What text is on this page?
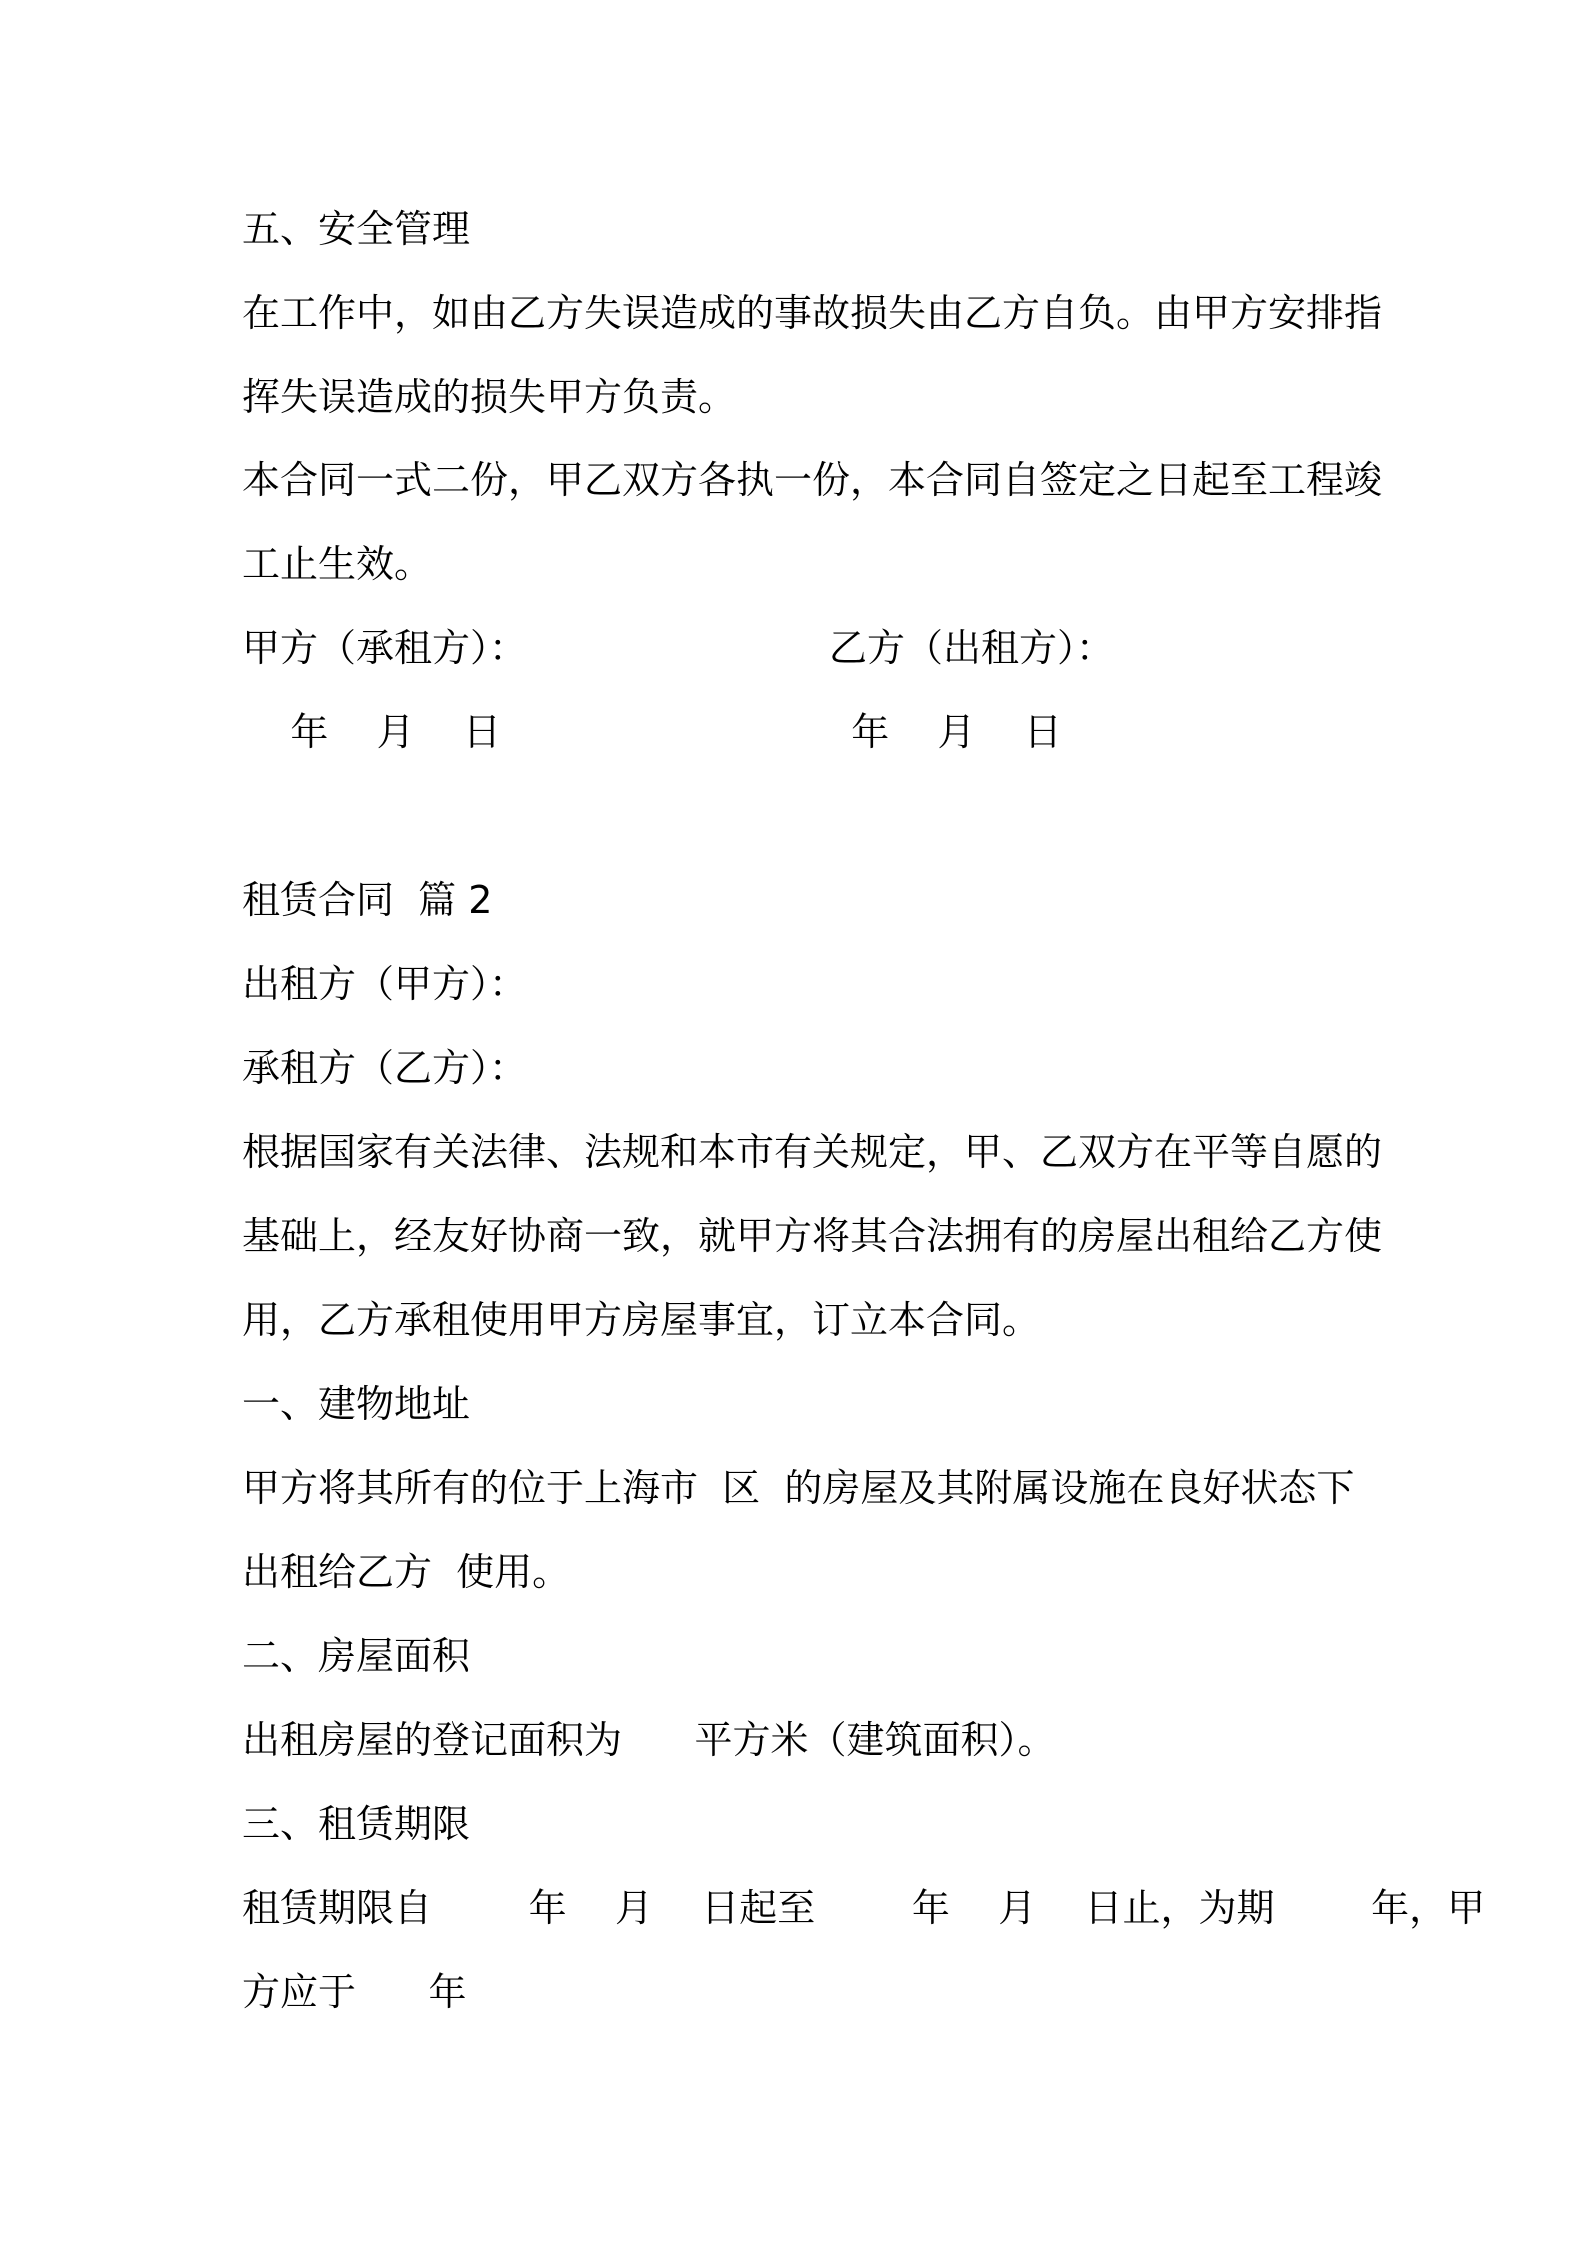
五、安全管理

在工作中，如由乙方失误造成的事故损失由乙方自负。由甲方安排指

挥失误造成的损失甲方负责。

本合同一式二份，甲乙双方各执一份，本合同自签定之日起至工程竣

工止生效。

甲方（承租方）：                         乙方（出租方）：

年    月    日                             年    月    日

租赁合同  篇 2

出租方（甲方）：

承租方（乙方）：

根据国家有关法律、法规和本市有关规定，甲、乙双方在平等自愿的

基础上，经友好协商一致，就甲方将其合法拥有的房屋出租给乙方使

用，乙方承租使用甲方房屋事宜，订立本合同。

一、建物地址

甲方将其所有的位于上海市  区  的房屋及其附属设施在良好状态下

出租给乙方  使用。

二、房屋面积

出租房屋的登记面积为      平方米（建筑面积）。

三、租赁期限

租赁期限自        年    月    日起至        年    月    日止，为期        年，甲

方应于      年
